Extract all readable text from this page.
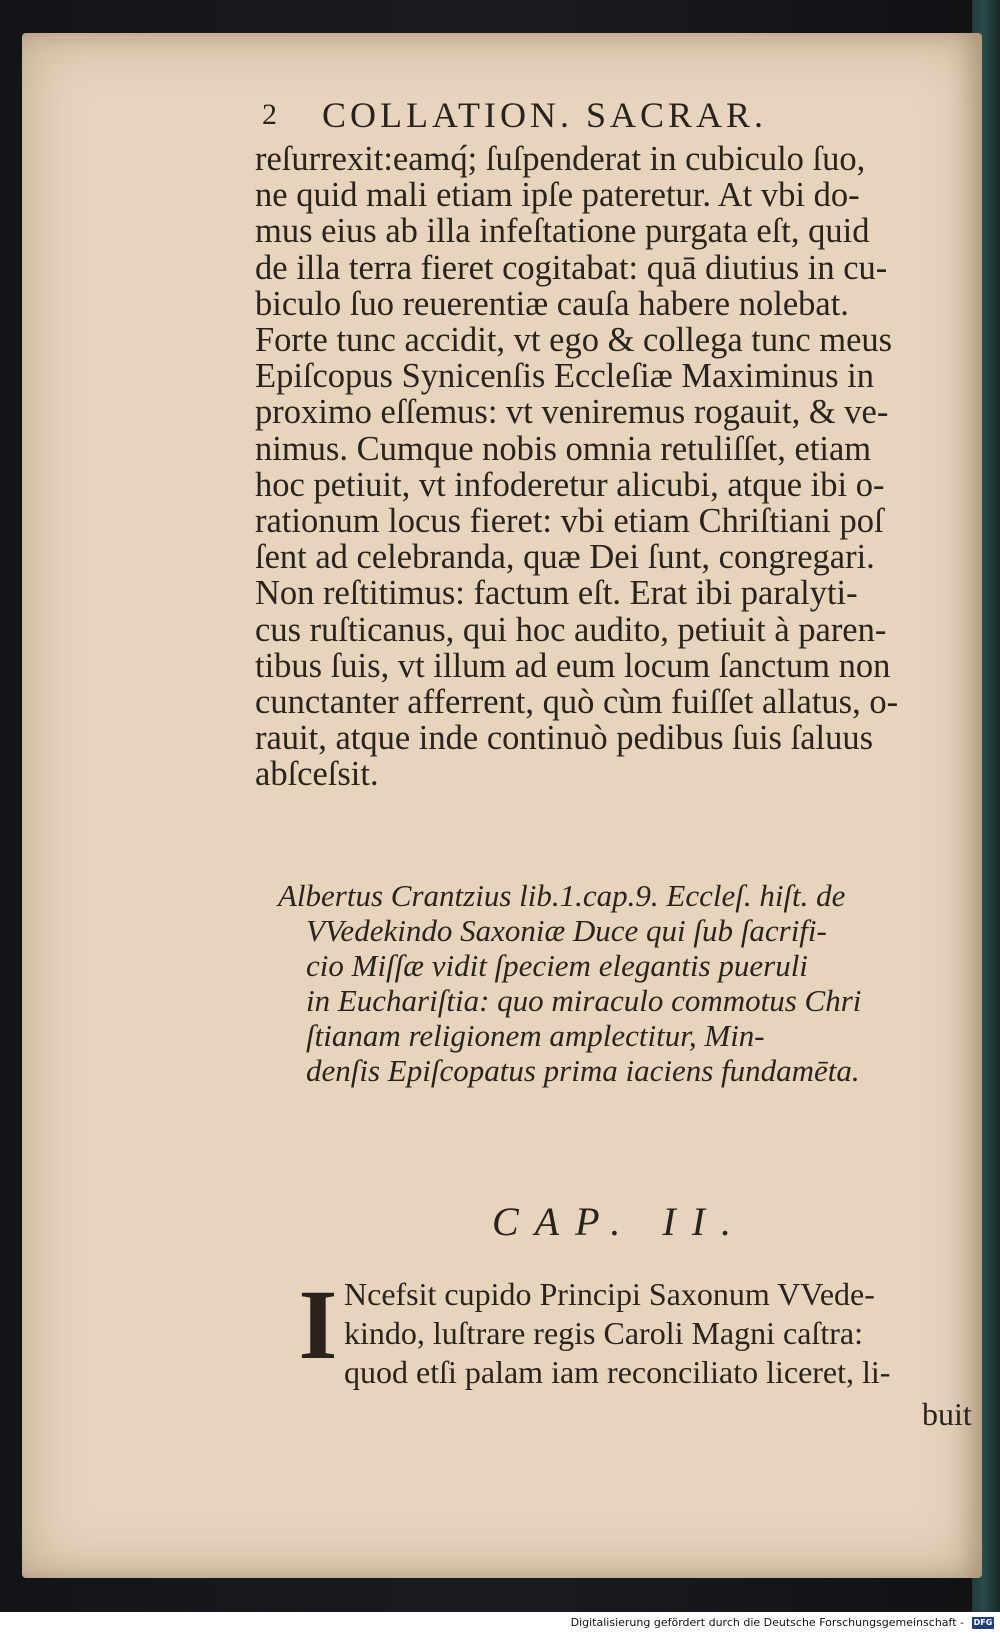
2	COLLATION. SACRAR.
reſurrexit:eamq́; ſuſpenderat in cubiculo ſuo,
ne quid mali etiam ipſe pateretur. At vbi do-
mus eius ab illa infeſtatione purgata eſt, quid
de illa terra fieret cogitabat: quā diutius in cu-
biculo ſuo reuerentiæ cauſa habere nolebat.
Forte tunc accidit, vt ego & collega tunc meus
Epiſcopus Synicenſis Eccleſiæ Maximinus in
proximo eſſemus: vt veniremus rogauit, & ve-
nimus. Cumque nobis omnia retuliſſet, etiam
hoc petiuit, vt infoderetur alicubi, atque ibi o-
rationum locus fieret: vbi etiam Chriſtiani poſ
ſent ad celebranda, quæ Dei ſunt, congregari.
Non reſtitimus: factum eſt. Erat ibi paralyti-
cus ruſticanus, qui hoc audito, petiuit à paren-
tibus ſuis, vt illum ad eum locum ſanctum non
cunctanter afferrent, quò cùm fuiſſet allatus, o-
rauit, atque inde continuò pedibus ſuis ſaluus
abſceſsit.
Albertus Crantzius lib.1.cap.9. Eccleſ. hiſt. de
VVedekindo Saxoniæ Duce qui ſub ſacrifi-
cio Miſſæ vidit ſpeciem elegantis pueruli
in Euchariſtia: quo miraculo commotus Chri
ſtianam religionem amplectitur, Min-
denſis Epiſcopatus prima iaciens fundamēta.
CAP. II.
I Ncefsit cupido Principi Saxonum VVede-
kindo, luſtrare regis Caroli Magni caſtra:
quod etſi palam iam reconciliato liceret, li-
buit
Digitalisierung gefördert durch die Deutsche Forschungsgemeinschaft -	DFG
